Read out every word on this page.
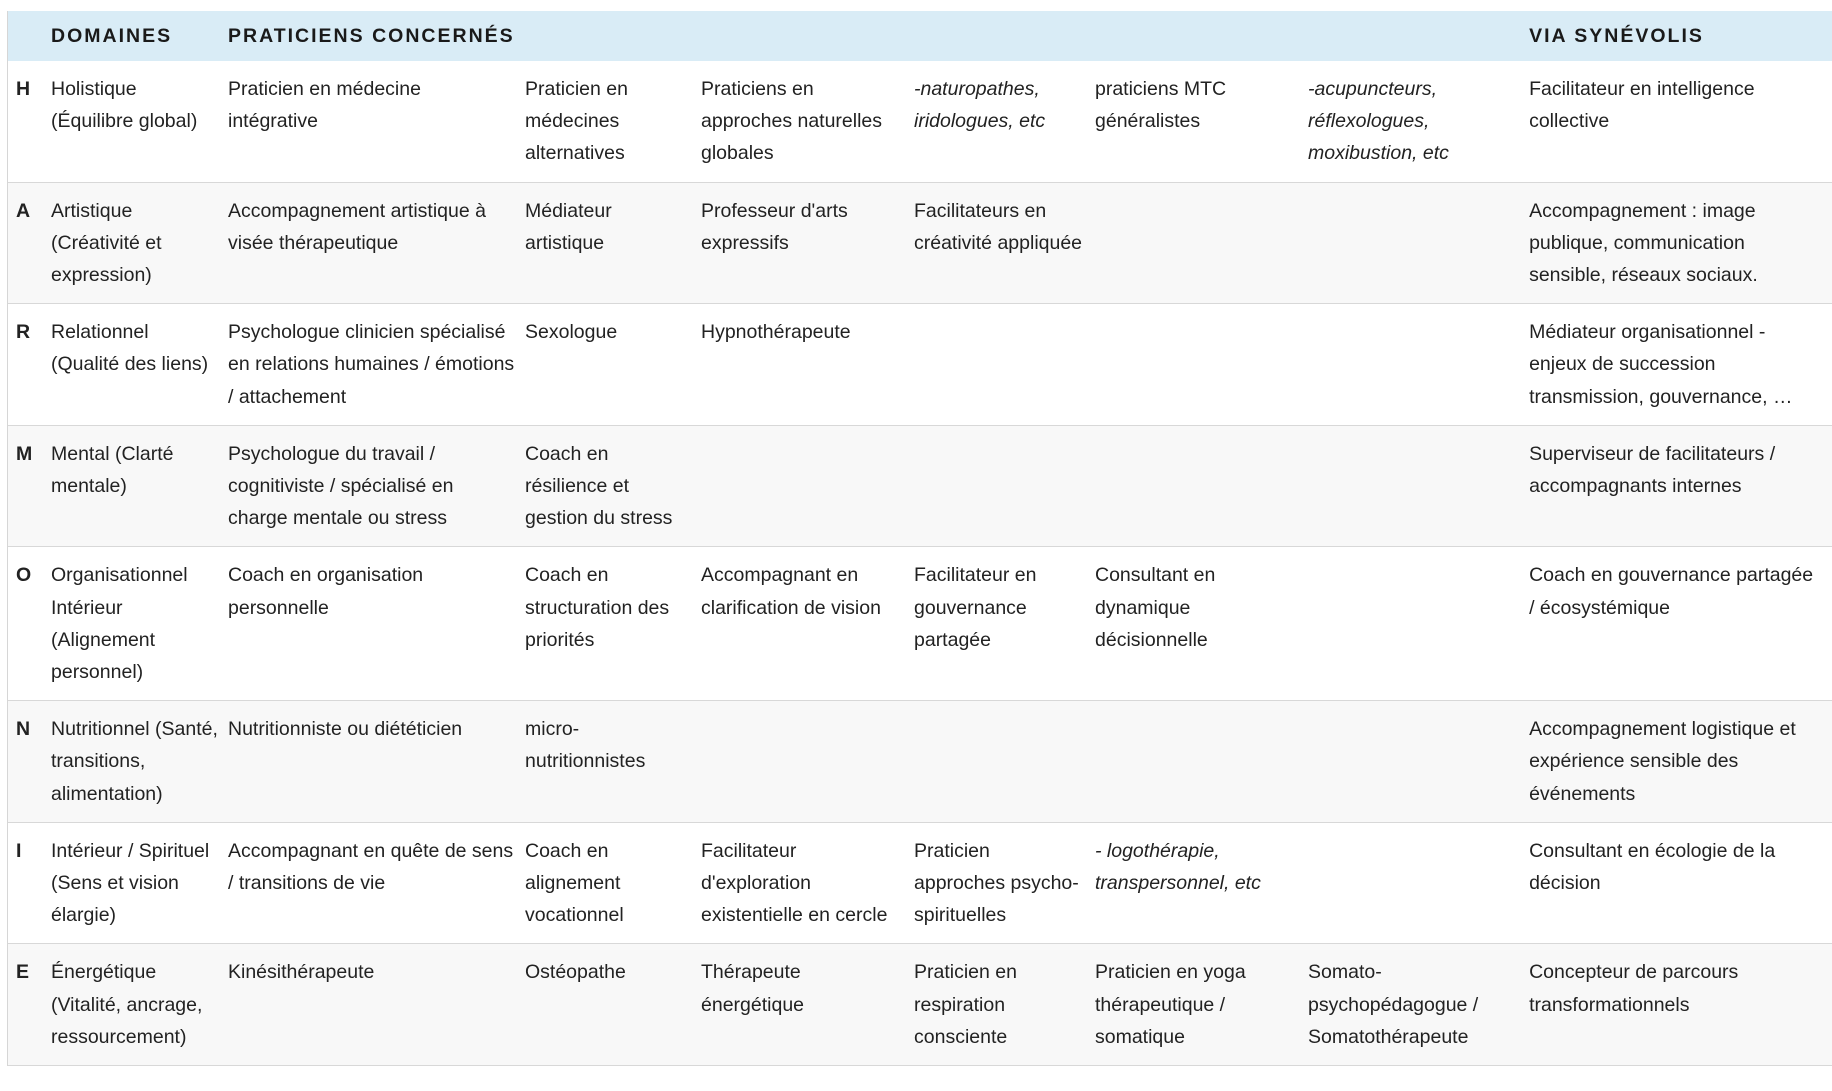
	DOMAINES	PRATICIENS CONCERNÉS						VIA SYNÉVOLIS
H	Holistique (Équilibre global)	Praticien en médecine intégrative	Praticien en médecines alternatives	Praticiens en approches naturelles globales	-naturopathes, iridologues, etc	praticiens MTC généralistes	-acupuncteurs, réflexologues, moxibustion, etc	Facilitateur en intelligence collective
A	Artistique (Créativité et expression)	Accompagnement artistique à visée thérapeutique	Médiateur artistique	Professeur d'arts expressifs	Facilitateurs en créativité appliquée			Accompagnement : image publique, communication sensible, réseaux sociaux.
R	Relationnel (Qualité des liens)	Psychologue clinicien spécialisé en relations humaines / émotions / attachement	Sexologue	Hypnothérapeute				Médiateur organisationnel - enjeux de succession transmission, gouvernance, …
M	Mental (Clarté mentale)	Psychologue du travail / cognitiviste / spécialisé en charge mentale ou stress	Coach en résilience et gestion du stress					Superviseur de facilitateurs / accompagnants internes
O	Organisationnel Intérieur (Alignement personnel)	Coach en organisation personnelle	Coach en structuration des priorités	Accompagnant en clarification de vision	Facilitateur en gouvernance partagée	Consultant en dynamique décisionnelle		Coach en gouvernance partagée / écosystémique
N	Nutritionnel (Santé, transitions, alimentation)	Nutritionniste ou diététicien	micro-nutritionnistes					Accompagnement logistique et expérience sensible des événements
I	Intérieur / Spirituel (Sens et vision élargie)	Accompagnant en quête de sens / transitions de vie	Coach en alignement vocationnel	Facilitateur d'exploration existentielle en cercle	Praticien approches psycho-spirituelles	- logothérapie, transpersonnel, etc		Consultant en écologie de la décision
E	Énergétique (Vitalité, ancrage, ressourcement)	Kinésithérapeute	Ostéopathe	Thérapeute énergétique	Praticien en respiration consciente	Praticien en yoga thérapeutique / somatique	Somato-psychopédagogue / Somatothérapeute	Concepteur de parcours transformationnels
